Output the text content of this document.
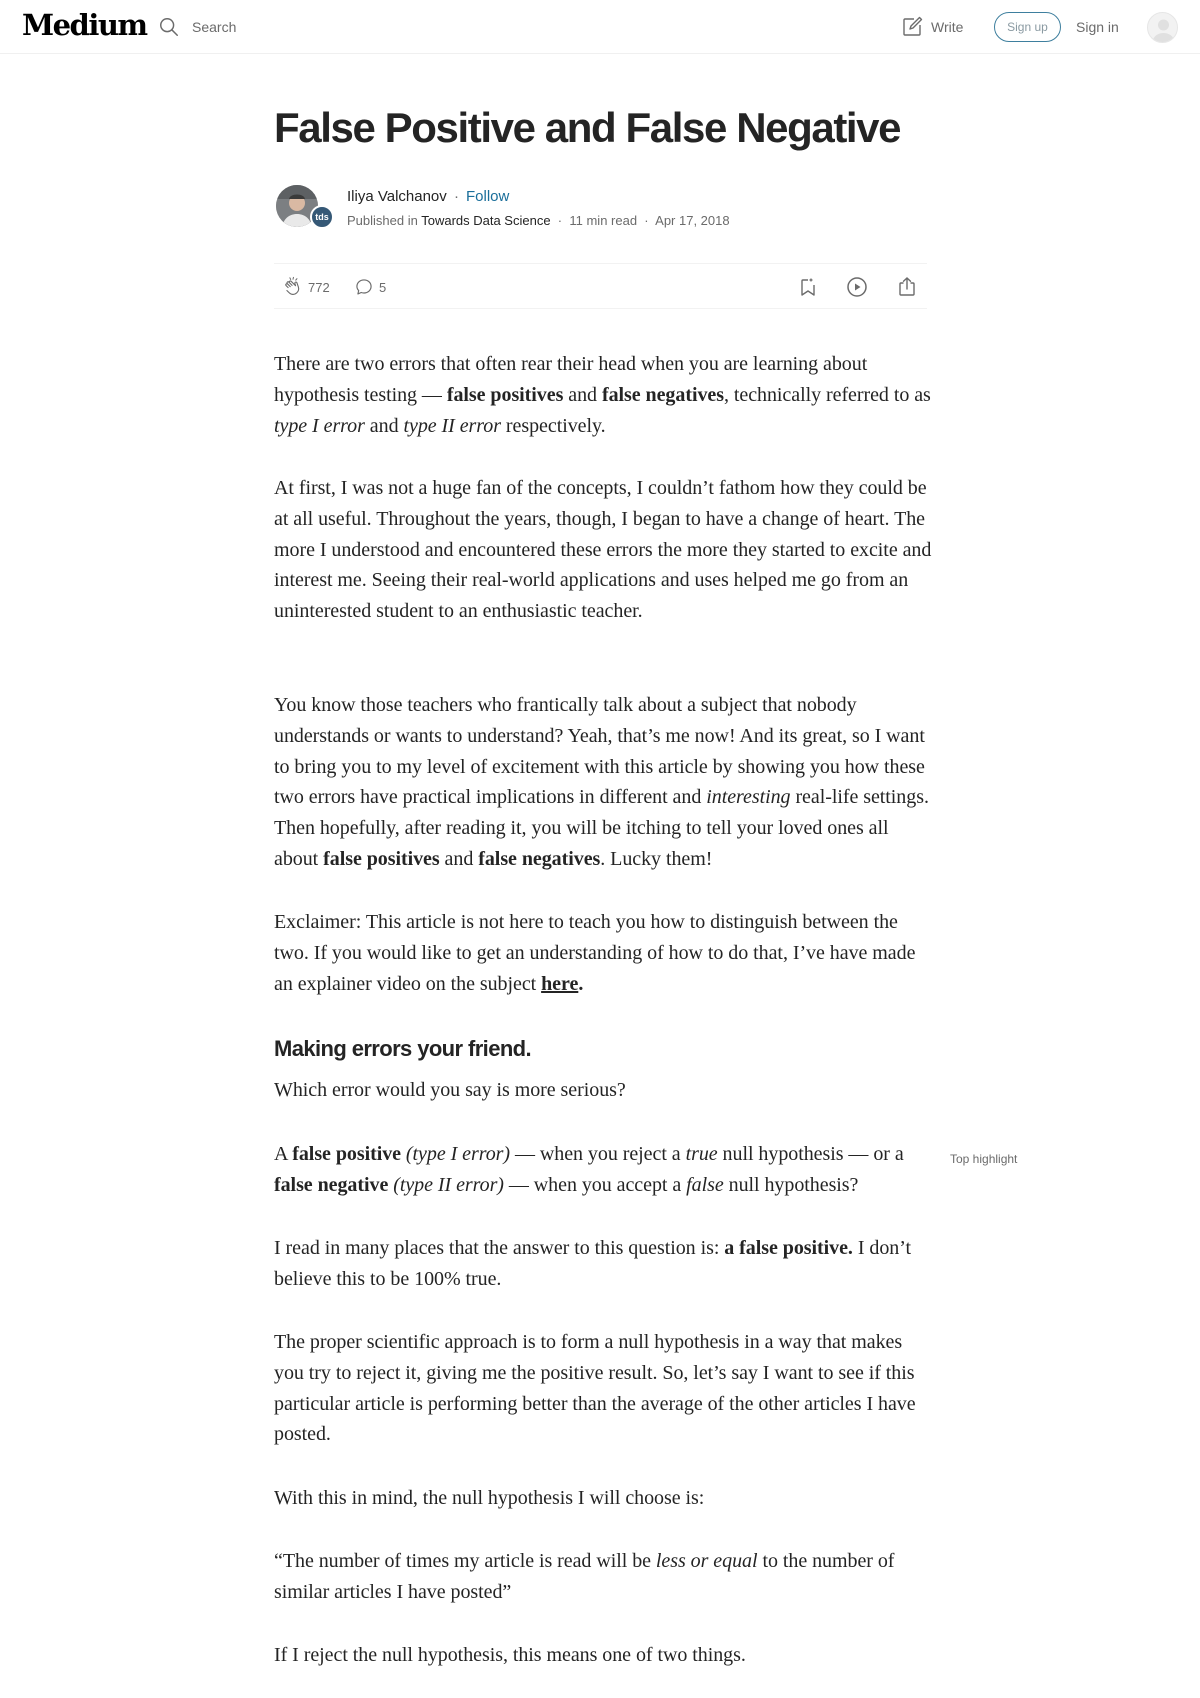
Medium	Search	Write	Sign up	Sign in
False Positive and False Negative
tds
Iliya Valchanov · Follow
Published in Towards Data Science  ·  11 min read  ·  Apr 17, 2018
772	5

There are two errors that often rear their head when you are learning about hypothesis testing — false positives and false negatives, technically referred to as type I error and type II error respectively.

At first, I was not a huge fan of the concepts, I couldn’t fathom how they could be at all useful. Throughout the years, though, I began to have a change of heart. The more I understood and encountered these errors the more they started to excite and interest me. Seeing their real-world applications and uses helped me go from an uninterested student to an enthusiastic teacher.

You know those teachers who frantically talk about a subject that nobody understands or wants to understand? Yeah, that’s me now! And its great, so I want to bring you to my level of excitement with this article by showing you how these two errors have practical implications in different and interesting real-life settings. Then hopefully, after reading it, you will be itching to tell your loved ones all about false positives and false negatives. Lucky them!

Exclaimer: This article is not here to teach you how to distinguish between the two. If you would like to get an understanding of how to do that, I’ve have made an explainer video on the subject here.

Making errors your friend.

Which error would you say is more serious?

A false positive (type I error) — when you reject a true null hypothesis — or a false negative (type II error) — when you accept a false null hypothesis?

Top highlight

I read in many places that the answer to this question is: a false positive. I don’t believe this to be 100% true.

The proper scientific approach is to form a null hypothesis in a way that makes you try to reject it, giving me the positive result. So, let’s say I want to see if this particular article is performing better than the average of the other articles I have posted.

With this in mind, the null hypothesis I will choose is:

“The number of times my article is read will be less or equal to the number of similar articles I have posted”

If I reject the null hypothesis, this means one of two things.
